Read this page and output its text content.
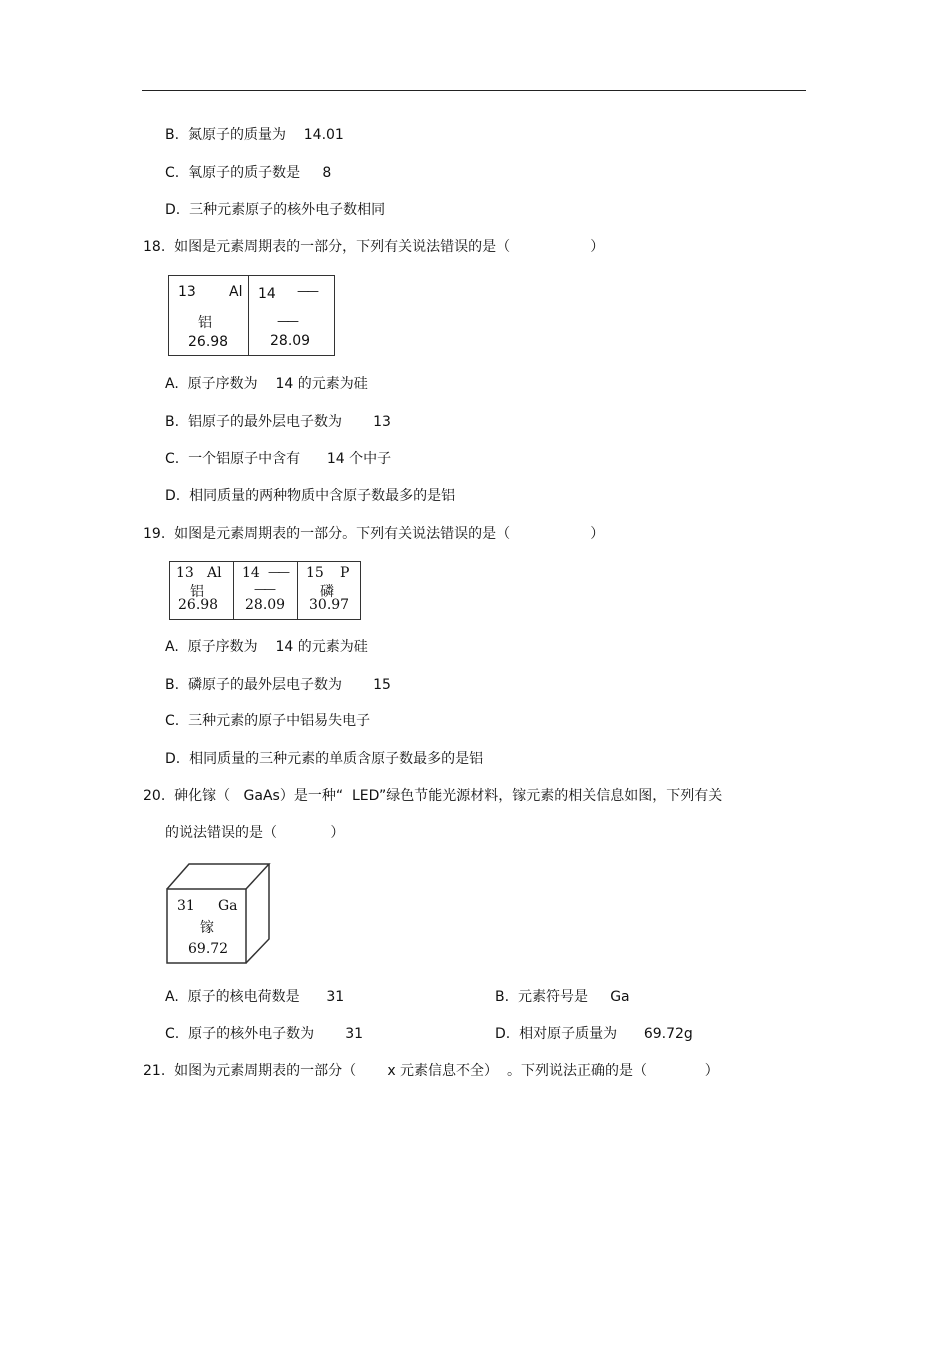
B.  氮原子的质量为    14.01
C.  氧原子的质子数是     8
D.  三种元素原子的核外电子数相同
18.  如图是元素周期表的一部分，下列有关说法错误的是（                  ）
13 Al
铝
26.98
14 ——
——
28.09
A.  原子序数为    14 的元素为硅
B.  铝原子的最外层电子数为       13
C.  一个铝原子中含有      14 个中子
D.  相同质量的两种物质中含原子数最多的是铝
19.  如图是元素周期表的一部分。下列有关说法错误的是（                  ）
13 Al
铝
26.98
14 ——
——
28.09
15 P
磷
30.97
A.  原子序数为    14 的元素为硅
B.  磷原子的最外层电子数为       15
C.  三种元素的原子中铝易失电子
D.  相同质量的三种元素的单质含原子数最多的是铝
20.  砷化镓（   GaAs）是一种“  LED”绿色节能光源材料，镓元素的相关信息如图，下列有关
的说法错误的是（            ）
31 Ga
镓
69.72
A.  原子的核电荷数是      31	B.  元素符号是     Ga
C.  原子的核外电子数为       31	D.  相对原子质量为      69.72g
21.  如图为元素周期表的一部分（       x 元素信息不全）  。下列说法正确的是（             ）
